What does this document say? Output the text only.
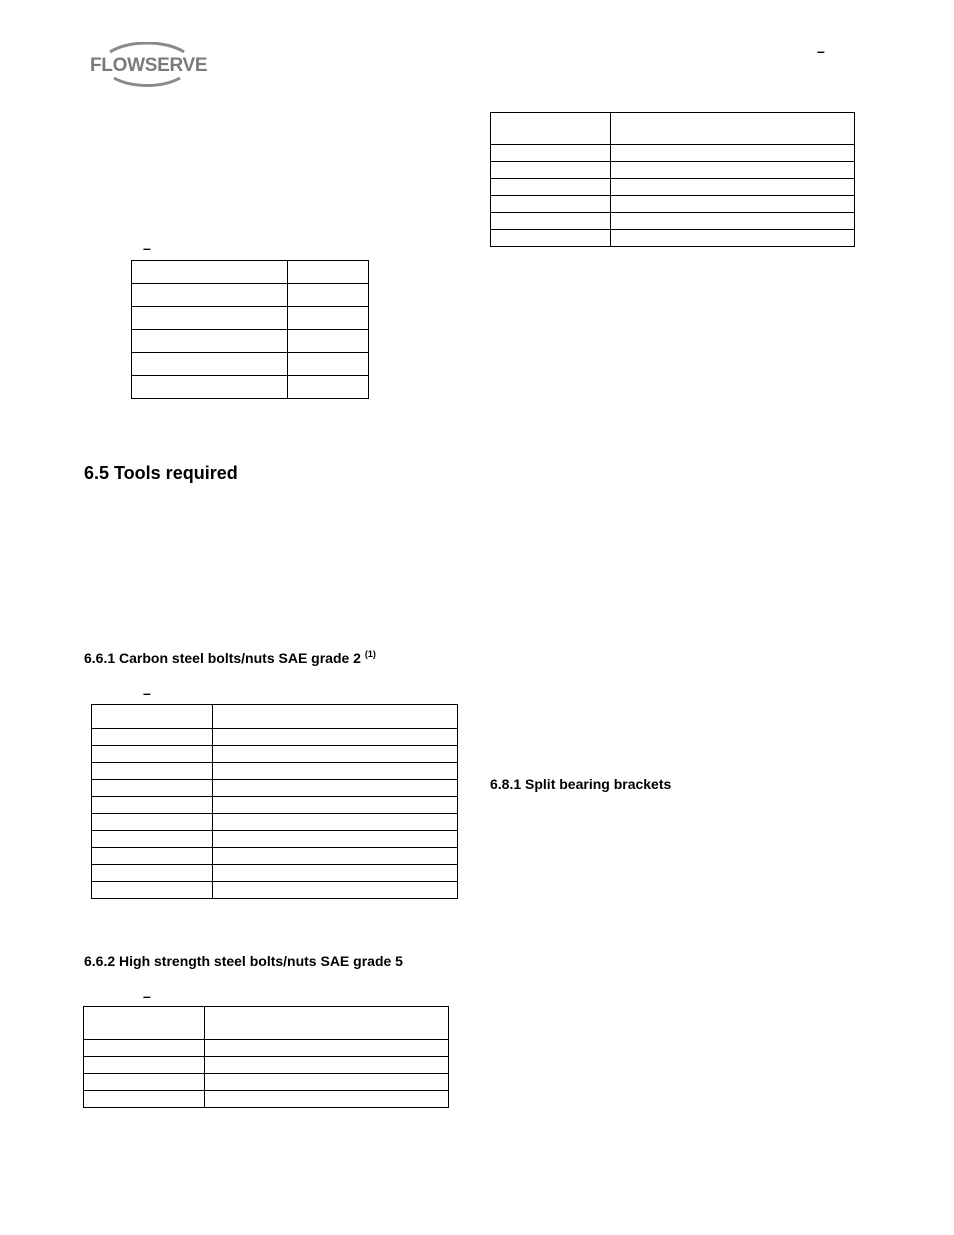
FLOWSERVE
–

–

6.5 Tools required
6.6.1 Carbon steel bolts/nuts SAE grade 2 $^{(1)}$
–

6.8.1 Split bearing brackets
6.6.2 High strength steel bolts/nuts SAE grade 5
–
